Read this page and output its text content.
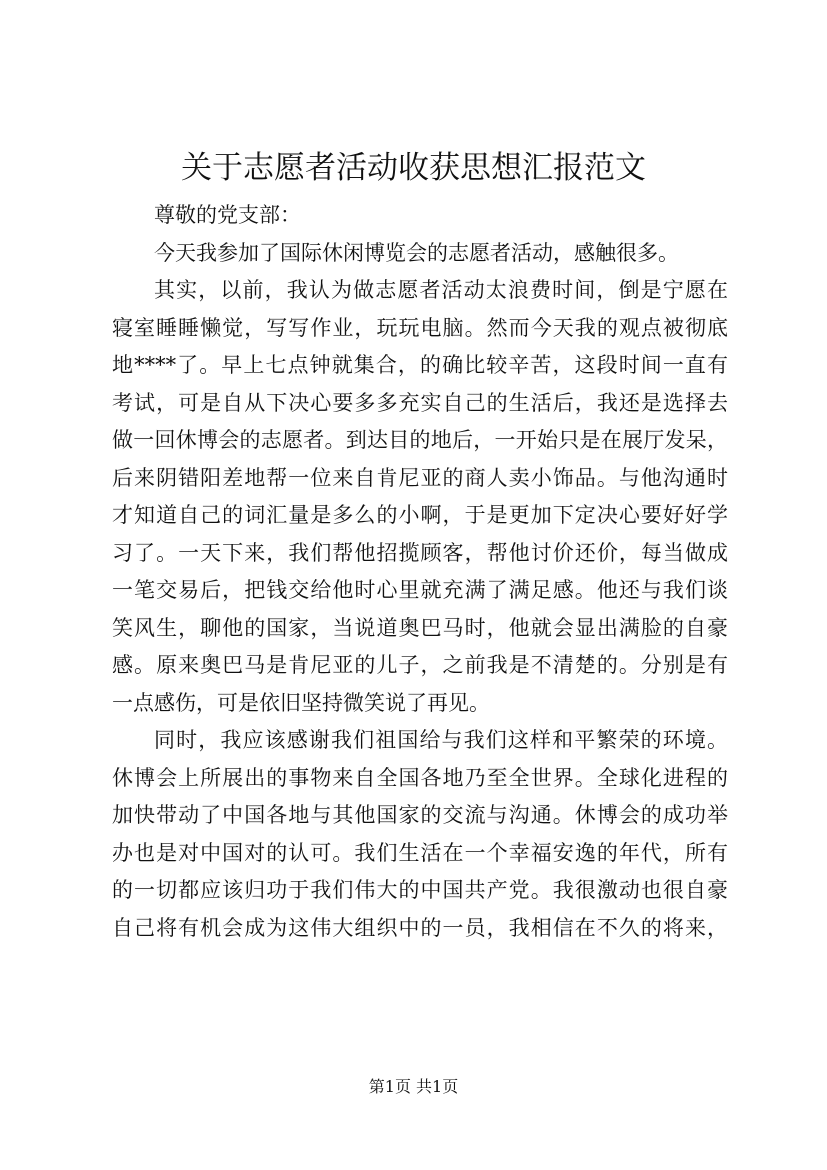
关于志愿者活动收获思想汇报范文
尊敬的党支部：
今天我参加了国际休闲博览会的志愿者活动，感触很多。
其实，以前，我认为做志愿者活动太浪费时间，倒是宁愿在
寝室睡睡懒觉，写写作业，玩玩电脑。然而今天我的观点被彻底
地****了。早上七点钟就集合，的确比较辛苦，这段时间一直有
考试，可是自从下决心要多多充实自己的生活后，我还是选择去
做一回休博会的志愿者。到达目的地后，一开始只是在展厅发呆，
后来阴错阳差地帮一位来自肯尼亚的商人卖小饰品。与他沟通时
才知道自己的词汇量是多么的小啊，于是更加下定决心要好好学
习了。一天下来，我们帮他招揽顾客，帮他讨价还价，每当做成
一笔交易后，把钱交给他时心里就充满了满足感。他还与我们谈
笑风生，聊他的国家，当说道奥巴马时，他就会显出满脸的自豪
感。原来奥巴马是肯尼亚的儿子，之前我是不清楚的。分别是有
一点感伤，可是依旧坚持微笑说了再见。
同时，我应该感谢我们祖国给与我们这样和平繁荣的环境。
休博会上所展出的事物来自全国各地乃至全世界。全球化进程的
加快带动了中国各地与其他国家的交流与沟通。休博会的成功举
办也是对中国对的认可。我们生活在一个幸福安逸的年代，所有
的一切都应该归功于我们伟大的中国共产党。我很激动也很自豪
自己将有机会成为这伟大组织中的一员，我相信在不久的将来，
第1页 共1页
